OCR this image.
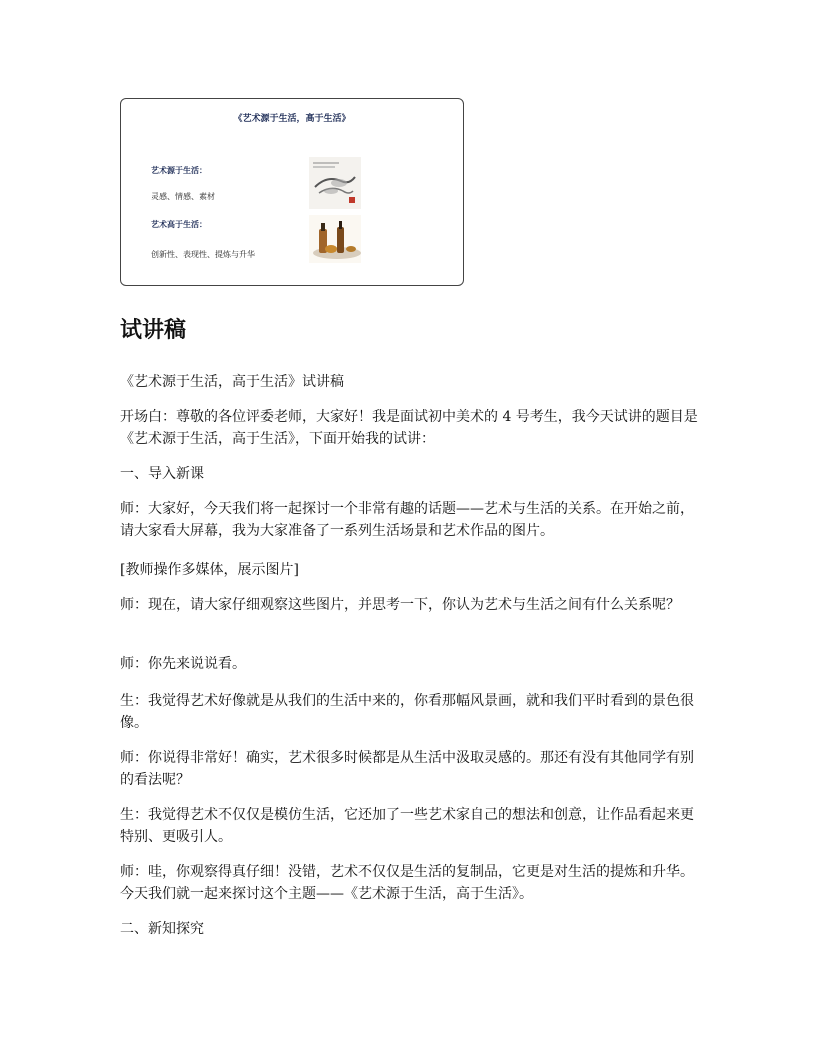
《艺术源于生活，高于生活》
艺术源于生活：
灵感、情感、素材
艺术高于生活：
创新性、表现性、提炼与升华
试讲稿

《艺术源于生活，高于生活》试讲稿

开场白：尊敬的各位评委老师，大家好！我是面试初中美术的 4 号考生，我今天试讲的题目是《艺术源于生活，高于生活》，下面开始我的试讲：

一、导入新课

师：大家好，今天我们将一起探讨一个非常有趣的话题——艺术与生活的关系。在开始之前，请大家看大屏幕，我为大家准备了一系列生活场景和艺术作品的图片。

[教师操作多媒体，展示图片]

师：现在，请大家仔细观察这些图片，并思考一下，你认为艺术与生活之间有什么关系呢？

师：你先来说说看。

生：我觉得艺术好像就是从我们的生活中来的，你看那幅风景画，就和我们平时看到的景色很像。

师：你说得非常好！确实，艺术很多时候都是从生活中汲取灵感的。那还有没有其他同学有别的看法呢？

生：我觉得艺术不仅仅是模仿生活，它还加了一些艺术家自己的想法和创意，让作品看起来更特别、更吸引人。

师：哇，你观察得真仔细！没错，艺术不仅仅是生活的复制品，它更是对生活的提炼和升华。今天我们就一起来探讨这个主题——《艺术源于生活，高于生活》。

二、新知探究
